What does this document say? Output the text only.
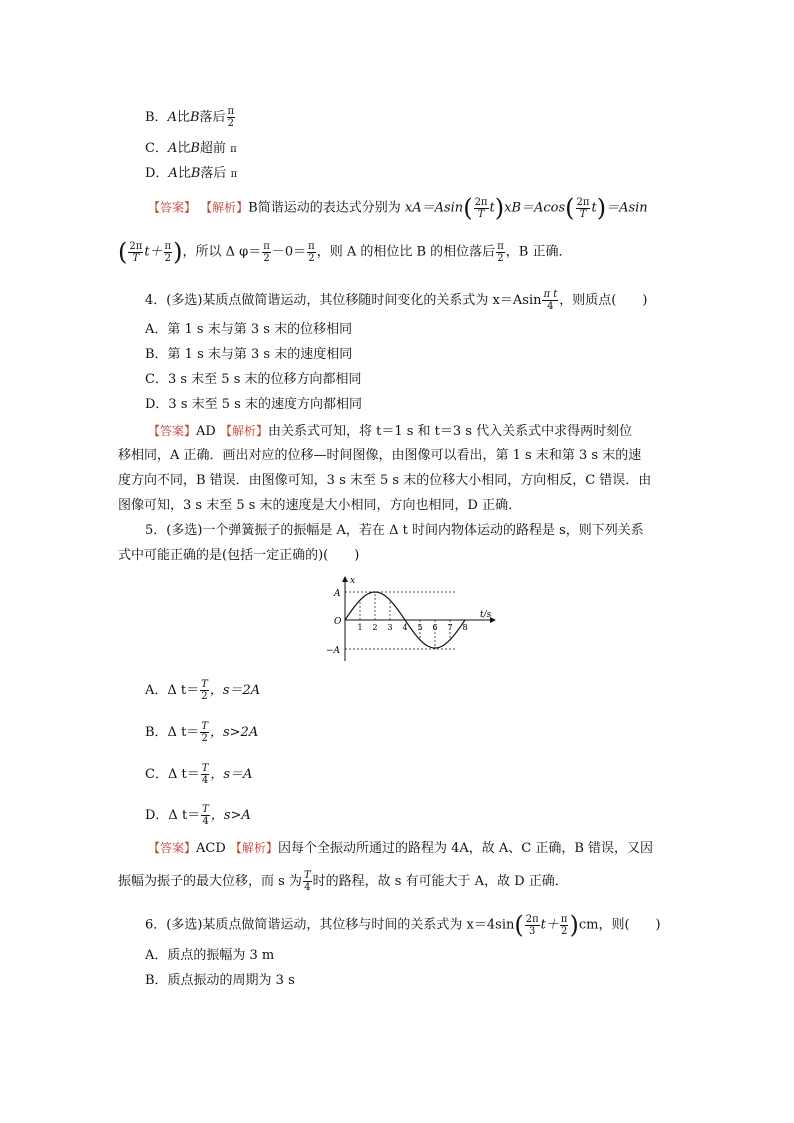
B．A比B落后 $\frac{\pi}{2}$
C．A比B超前 π
D．A比B落后 π
【答案】 【解析】B简谐运动的表达式分别为 $xA=Asin( \frac{2\pi}{T} t)xB=Acos( \frac{2\pi}{T} t)=Asin$
( $\frac{2\pi}{T} t+ \frac{\pi}{2}$ )，所以 Δ $\varphi= \frac{\pi}{2} -0= \frac{\pi}{2}$ ，则 A 的相位比 B 的相位落后 $\frac{\pi}{2}$ ，B 正确．
4．(多选)某质点做简谐运动，其位移随时间变化的关系式为 $x=Asin \frac{\text{π t}}{4}$ ，则质点(　　)
A．第 1 s 末与第 3 s 末的位移相同
B．第 1 s 末与第 3 s 末的速度相同
C．3 s 末至 5 s 末的位移方向都相同
D．3 s 末至 5 s 末的速度方向都相同
【答案】AD 【解析】由关系式可知，将 t＝1 s 和 t＝3 s 代入关系式中求得两时刻位
移相同，A 正确．画出对应的位移—时间图像，由图像可以看出，第 1 s 末和第 3 s 末的速
度方向不同，B 错误．由图像可知，3 s 末至 5 s 末的位移大小相同，方向相反，C 错误．由
图像可知，3 s 末至 5 s 末的速度是大小相同，方向也相同，D 正确．
5．(多选)一个弹簧振子的振幅是 A，若在 Δ t 时间内物体运动的路程是 s，则下列关系
式中可能正确的是(包括一定正确的)(　　)
x
t/s
O
A
−A
1 2 3 4 5 6 7 8
A．Δ $t= \frac{T}{2}$ ，s＝2A
B．Δ $t= \frac{T}{2}$ ，s>2A
C．Δ $t= \frac{T}{4}$ ，s＝A
D．Δ $t= \frac{T}{4}$ ，s>A
【答案】ACD 【解析】因每个全振动所通过的路程为 4A，故 A、C 正确，B 错误，又因
振幅为振子的最大位移，而 s 为 $\frac{T}{4}$ 时的路程，故 s 有可能大于 A，故 D 正确．
6．(多选)某质点做简谐运动，其位移与时间的关系式为 $x=4\sin( \frac{2\pi}{3} t+ \frac{\pi}{2} )cm$，则(　　)
A．质点的振幅为 3 m
B．质点振动的周期为 3 s
